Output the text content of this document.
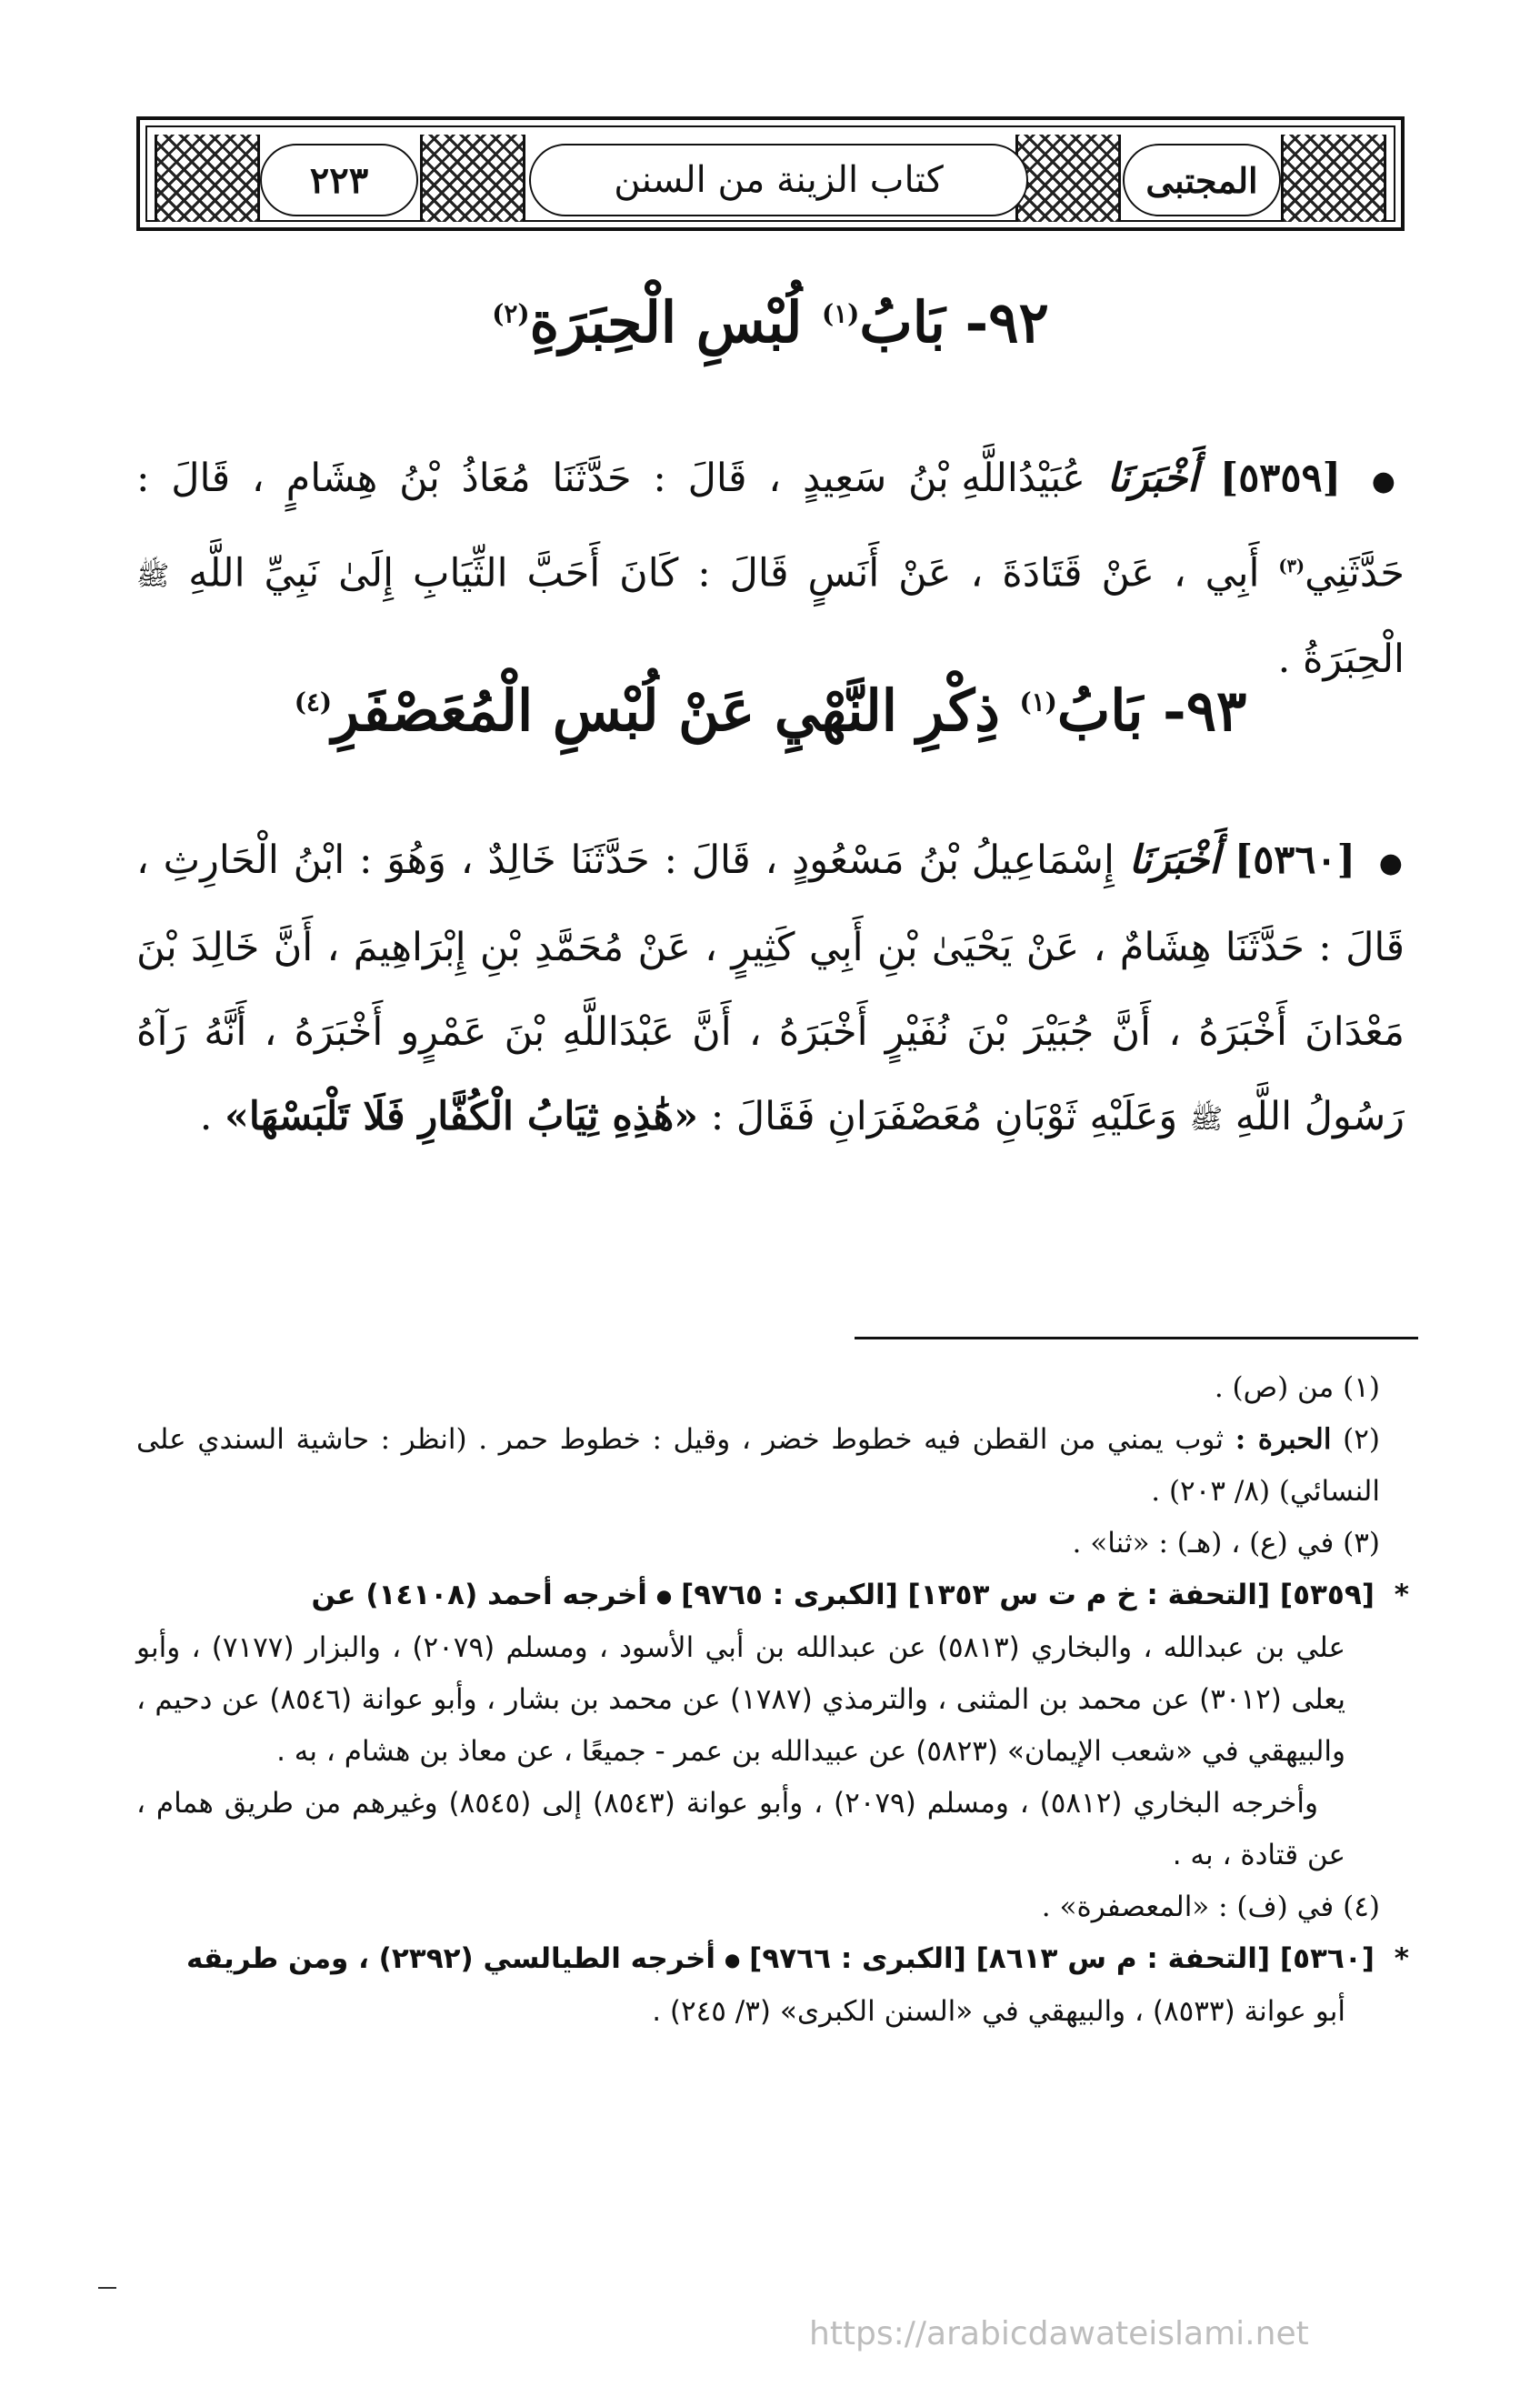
٢٢٣	كتاب الزينة من السنن	المجتبى
٩٢- بَابُ$^{(١)}$ لُبْسِ الْحِبَرَةِ$^{(٢)}$
● [٥٣٥٩] أَخْبَرَنَا عُبَيْدُاللَّهِ بْنُ سَعِيدٍ ، قَالَ : حَدَّثَنَا مُعَاذُ بْنُ هِشَامٍ ، قَالَ : حَدَّثَنِي$^{(٣)}$ أَبِي ، عَنْ قَتَادَةَ ، عَنْ أَنَسٍ قَالَ : كَانَ أَحَبَّ الثِّيَابِ إِلَىٰ نَبِيِّ اللَّهِ ﷺ الْحِبَرَةُ .
٩٣- بَابُ$^{(١)}$ ذِكْرِ النَّهْيِ عَنْ لُبْسِ الْمُعَصْفَرِ$^{(٤)}$
● [٥٣٦٠] أَخْبَرَنَا إِسْمَاعِيلُ بْنُ مَسْعُودٍ ، قَالَ : حَدَّثَنَا خَالِدٌ ، وَهُوَ : ابْنُ الْحَارِثِ ، قَالَ : حَدَّثَنَا هِشَامٌ ، عَنْ يَحْيَىٰ بْنِ أَبِي كَثِيرٍ ، عَنْ مُحَمَّدِ بْنِ إِبْرَاهِيمَ ، أَنَّ خَالِدَ بْنَ مَعْدَانَ أَخْبَرَهُ ، أَنَّ جُبَيْرَ بْنَ نُفَيْرٍ أَخْبَرَهُ ، أَنَّ عَبْدَاللَّهِ بْنَ عَمْرٍو أَخْبَرَهُ ، أَنَّهُ رَآهُ رَسُولُ اللَّهِ ﷺ وَعَلَيْهِ ثَوْبَانِ مُعَصْفَرَانِ فَقَالَ : «هَٰذِهِ ثِيَابُ الْكُفَّارِ فَلَا تَلْبَسْهَا» .

(١) من (ص) .

(٢) الحبرة : ثوب يمني من القطن فيه خطوط خضر ، وقيل : خطوط حمر . (انظر : حاشية السندي على النسائي) (٨/ ٢٠٣) .

(٣) في (ع) ، (هـ) : «ثنا» .

* [٥٣٥٩] [التحفة : خ م ت س ١٣٥٣] [الكبرى : ٩٧٦٥] ● أخرجه أحمد (١٤١٠٨) عن

علي بن عبدالله ، والبخاري (٥٨١٣) عن عبدالله بن أبي الأسود ، ومسلم (٢٠٧٩) ، والبزار (٧١٧٧) ، وأبو يعلى (٣٠١٢) عن محمد بن المثنى ، والترمذي (١٧٨٧) عن محمد بن بشار ، وأبو عوانة (٨٥٤٦) عن دحيم ، والبيهقي في «شعب الإيمان» (٥٨٢٣) عن عبيدالله بن عمر - جميعًا ، عن معاذ بن هشام ، به .

وأخرجه البخاري (٥٨١٢) ، ومسلم (٢٠٧٩) ، وأبو عوانة (٨٥٤٣) إلى (٨٥٤٥) وغيرهم من طريق همام ، عن قتادة ، به .

(٤) في (ف) : «المعصفرة» .

* [٥٣٦٠] [التحفة : م س ٨٦١٣] [الكبرى : ٩٧٦٦] ● أخرجه الطيالسي (٢٣٩٢) ، ومن طريقه

أبو عوانة (٨٥٣٣) ، والبيهقي في «السنن الكبرى» (٣/ ٢٤٥) .

https://arabicdawateislami.net
